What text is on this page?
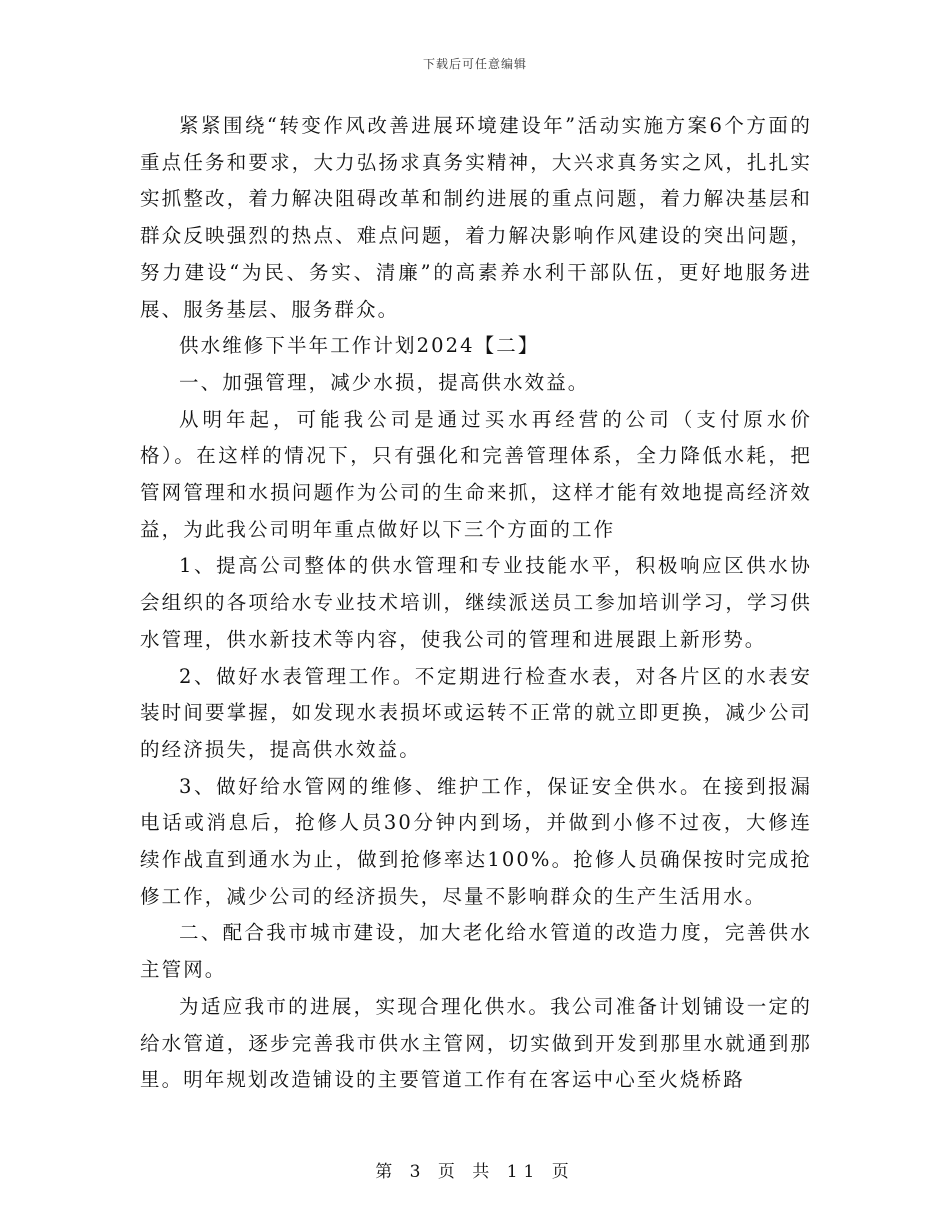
下载后可任意编辑

紧紧围绕“转变作风改善进展环境建设年”活动实施方案6个方面的重点任务和要求，大力弘扬求真务实精神，大兴求真务实之风，扎扎实实抓整改，着力解决阻碍改革和制约进展的重点问题，着力解决基层和群众反映强烈的热点、难点问题，着力解决影响作风建设的突出问题，努力建设“为民、务实、清廉”的高素养水利干部队伍，更好地服务进展、服务基层、服务群众。

供水维修下半年工作计划2024【二】

一、加强管理，减少水损，提高供水效益。

从明年起，可能我公司是通过买水再经营的公司（支付原水价格）。在这样的情况下，只有强化和完善管理体系，全力降低水耗，把管网管理和水损问题作为公司的生命来抓，这样才能有效地提高经济效益，为此我公司明年重点做好以下三个方面的工作

1、提高公司整体的供水管理和专业技能水平，积极响应区供水协会组织的各项给水专业技术培训，继续派送员工参加培训学习，学习供水管理，供水新技术等内容，使我公司的管理和进展跟上新形势。

2、做好水表管理工作。不定期进行检查水表，对各片区的水表安装时间要掌握，如发现水表损坏或运转不正常的就立即更换，减少公司的经济损失，提高供水效益。

3、做好给水管网的维修、维护工作，保证安全供水。在接到报漏电话或消息后，抢修人员30分钟内到场，并做到小修不过夜，大修连续作战直到通水为止，做到抢修率达100%。抢修人员确保按时完成抢修工作，减少公司的经济损失，尽量不影响群众的生产生活用水。

二、配合我市城市建设，加大老化给水管道的改造力度，完善供水主管网。

为适应我市的进展，实现合理化供水。我公司准备计划铺设一定的给水管道，逐步完善我市供水主管网，切实做到开发到那里水就通到那里。明年规划改造铺设的主要管道工作有在客运中心至火烧桥路

第 3 页 共 11 页
